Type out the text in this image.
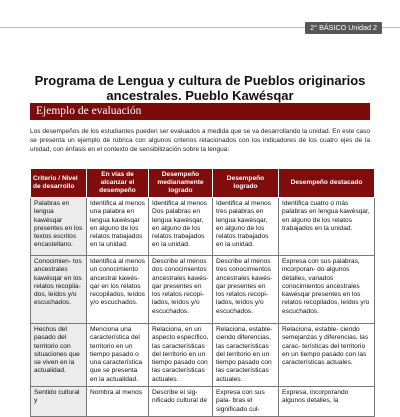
2° BÁSICO Unidad 2
Programa de Lengua y cultura de Pueblos originarios
ancestrales. Pueblo Kawésqar
Ejemplo de evaluación

Los desempeños de los estudiantes pueden ser evaluados a medida que se va desarrollando la unidad. En este caso se presenta un ejemplo de rúbrica con algunos criterios relacionados con los indicadores de los cuatro ejes de la unidad, con énfasis en el contexto de sensibilización sobre la lengua:

Criterio / Nivel de desarrollo	En vías de alcanzar el desempeño	Desempeño medianamente logrado	Desempeño logrado	Desempeño destacado
Palabras en lengua kawésqar presentes en los textos escritos encastellano.	Identifica al menos una palabra en lengua kawésqar en alguno de los relatos trabajados en la unidad.	Identifica al menos Dos palabras en lengua kawésqar, en alguno de los relatos trabajados en la unidad.	Identifica al menos tres palabras en lengua kawésqar, en alguno de los relatos trabajados en la unidad.	Identifica cuatro o más palabras en lengua kawésqar, en alguno de los relatos trabajados en la unidad.
Conocimien- tos ancestrales kawésqar en los relatos recopila- dos, leídos y/o escuchados.	Identifica al menos un conocimiento ancestral kawés- qar en los relatos recopilados, leídos y/o escuchados.	Describe al menos dos conocimientos ancestrales kawés- qar presentes en los relatos recopi- lados, leídos y/o escuchados.	Describe al menos tres conocimientos ancestrales kawés- qar presentes en los relatos recopi- lados, leídos y/o escuchados.	Expresa con sus palabras, incorporan- do algunos detalles, variados conocimientos ancestrales kawésqar presentes en los relatos recopilados, leídos y/o escuchados.
Hechos del pasado del territorio con situaciones que se viven en la actualidad.	Menciona una característica del territorio en un tiempo pasado o una característica que se presenta en la actualidad.	Relaciona, en un aspecto específico, las características del territorio en un tiempo pasado con las características actuales.	Relaciona, estable- ciendo diferencias, las características del territorio en un tiempo pasado con las características actuales.	Relaciona, estable- ciendo semejanzas y diferencias, las carac- terísticas del territorio en un tiempo pasado con las características actuales.
Sentido cultural y	Nombra al menos	Describe el sig- nificado cultural de	Expresa con sus pala- bras el significado cul-	Expresa, incorporando algunos detalles, la
